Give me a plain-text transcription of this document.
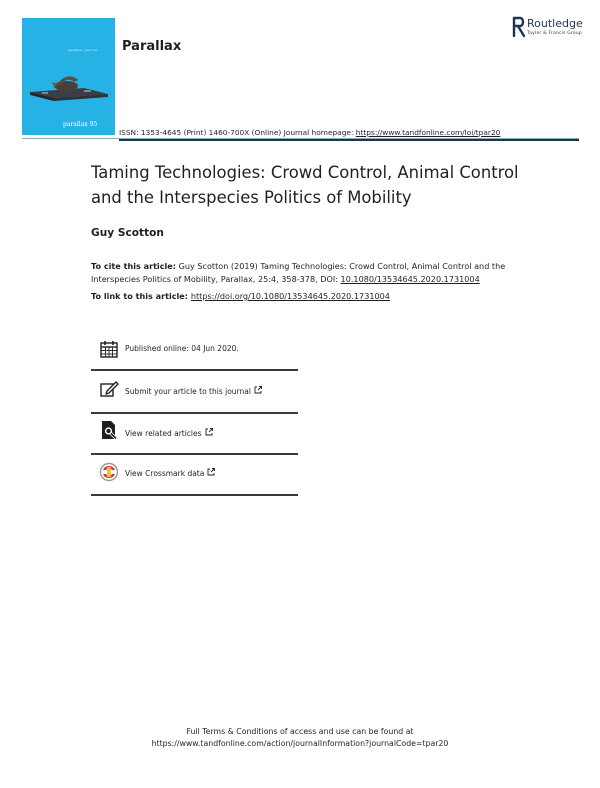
parallax | journal
parallax 95
Parallax
ISSN: 1353-4645 (Print) 1460-700X (Online) Journal homepage: https://www.tandfonline.com/loi/tpar20
Routledge
Taylor & Francis Group
Taming Technologies: Crowd Control, Animal Control and the Interspecies Politics of Mobility
Guy Scotton
To cite this article: Guy Scotton (2019) Taming Technologies: Crowd Control, Animal Control and the Interspecies Politics of Mobility, Parallax, 25:4, 358-378, DOI: 10.1080/13534645.2020.1731004
To link to this article: https://doi.org/10.1080/13534645.2020.1731004
Published online: 04 Jun 2020.
Submit your article to this journal
View related articles
View Crossmark data
Full Terms & Conditions of access and use can be found at
https://www.tandfonline.com/action/journalInformation?journalCode=tpar20
